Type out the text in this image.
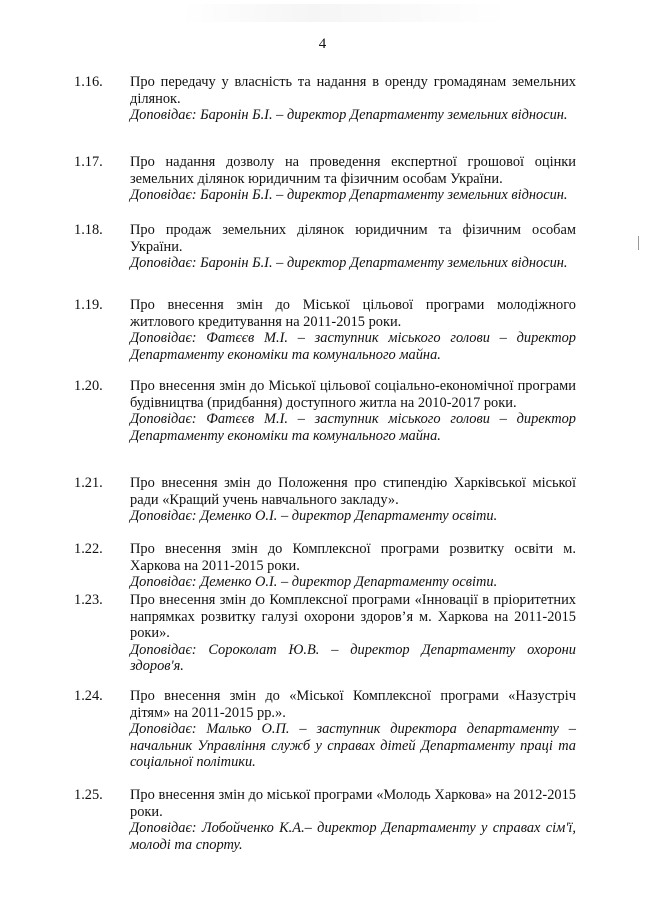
4
1.16.	Про передачу у власність та надання в оренду громадянам земельних ділянок.
Доповідає: Баронін Б.І. – директор Департаменту земельних відносин.
1.17.	Про надання дозволу на проведення експертної грошової оцінки земельних ділянок юридичним та фізичним особам України.
Доповідає: Баронін Б.І. – директор Департаменту земельних відносин.
1.18.	Про продаж земельних ділянок юридичним та фізичним особам України.
Доповідає: Баронін Б.І. – директор Департаменту земельних відносин.
1.19.	Про внесення змін до Міської цільової програми молодіжного житлового кредитування на 2011-2015 роки.
Доповідає: Фатєєв М.І. – заступник міського голови – директор Департаменту економіки та комунального майна.
1.20.	Про внесення змін до Міської цільової соціально-економічної програми будівництва (придбання) доступного житла на 2010-2017 роки.
Доповідає: Фатєєв М.І. – заступник міського голови – директор Департаменту економіки та комунального майна.
1.21.	Про внесення змін до Положення про стипендію Харківської міської ради «Кращий учень навчального закладу».
Доповідає: Деменко О.І. – директор Департаменту освіти.
1.22.	Про внесення змін до Комплексної програми розвитку освіти м. Харкова на 2011-2015 роки.
Доповідає: Деменко О.І. – директор Департаменту освіти.
1.23.	Про внесення змін до Комплексної програми «Інновації в пріоритетних напрямках розвитку галузі охорони здоров’я м. Харкова на 2011-2015 роки».
Доповідає: Сороколат Ю.В. – директор Департаменту охорони здоров'я.
1.24.	Про внесення змін до «Міської Комплексної програми «Назустріч дітям» на 2011-2015 рр.».
Доповідає: Малько О.П. – заступник директора департаменту – начальник Управління служб у справах дітей Департаменту праці та соціальної політики.
1.25.	Про внесення змін до міської програми «Молодь Харкова» на 2012-2015 роки.
Доповідає: Лобойченко К.А.– директор Департаменту у справах сім'ї, молоді та спорту.
